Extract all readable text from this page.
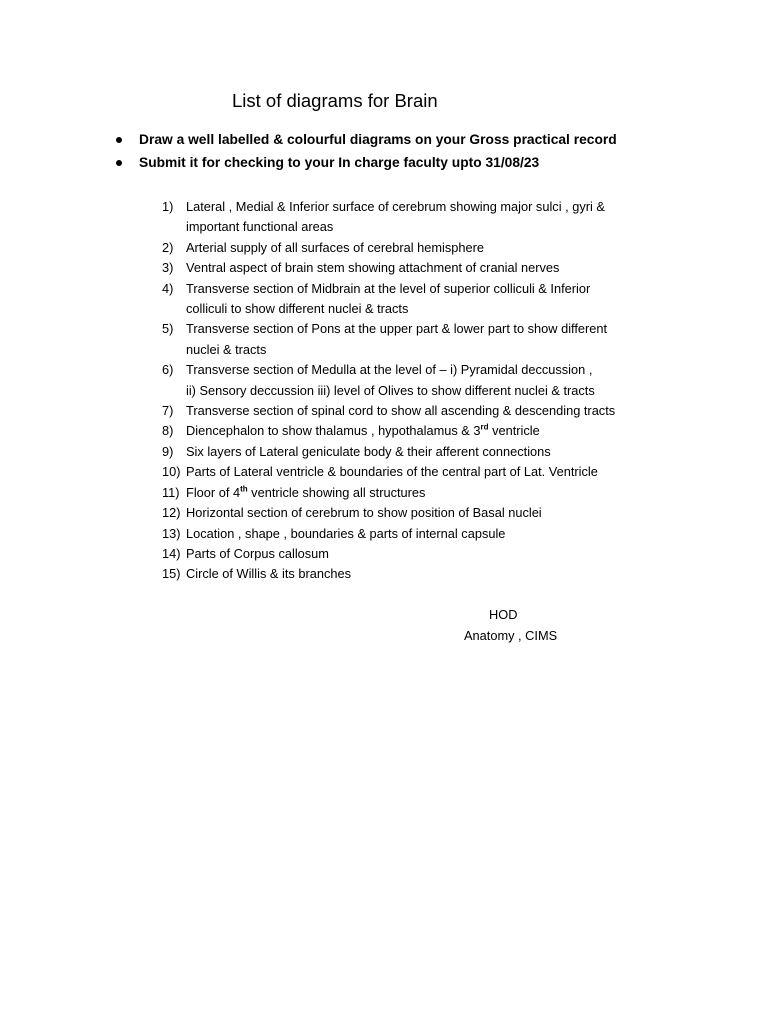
List of diagrams for Brain
Draw a well labelled & colourful diagrams on your Gross practical record
Submit it for checking to your In charge faculty upto 31/08/23
1) Lateral , Medial & Inferior surface of cerebrum showing major sulci , gyri &
important functional areas
2) Arterial supply of all surfaces of cerebral hemisphere
3) Ventral aspect of brain stem showing attachment of cranial nerves
4) Transverse section of Midbrain at the level of superior colliculi & Inferior
colliculi to show different nuclei & tracts
5) Transverse section of Pons at the upper part & lower part to show different
nuclei & tracts
6) Transverse section of Medulla at the level of – i) Pyramidal deccussion ,
ii) Sensory deccussion iii) level of Olives to show different nuclei & tracts
7) Transverse section of spinal cord to show all ascending & descending tracts
8) Diencephalon to show thalamus , hypothalamus & 3rd ventricle
9) Six layers of Lateral geniculate body & their afferent connections
10) Parts of Lateral ventricle & boundaries of the central part of Lat. Ventricle
11) Floor of 4th ventricle showing all structures
12) Horizontal section of cerebrum to show position of Basal nuclei
13) Location , shape , boundaries & parts of internal capsule
14) Parts of Corpus callosum
15) Circle of Willis & its branches
HOD
Anatomy , CIMS
